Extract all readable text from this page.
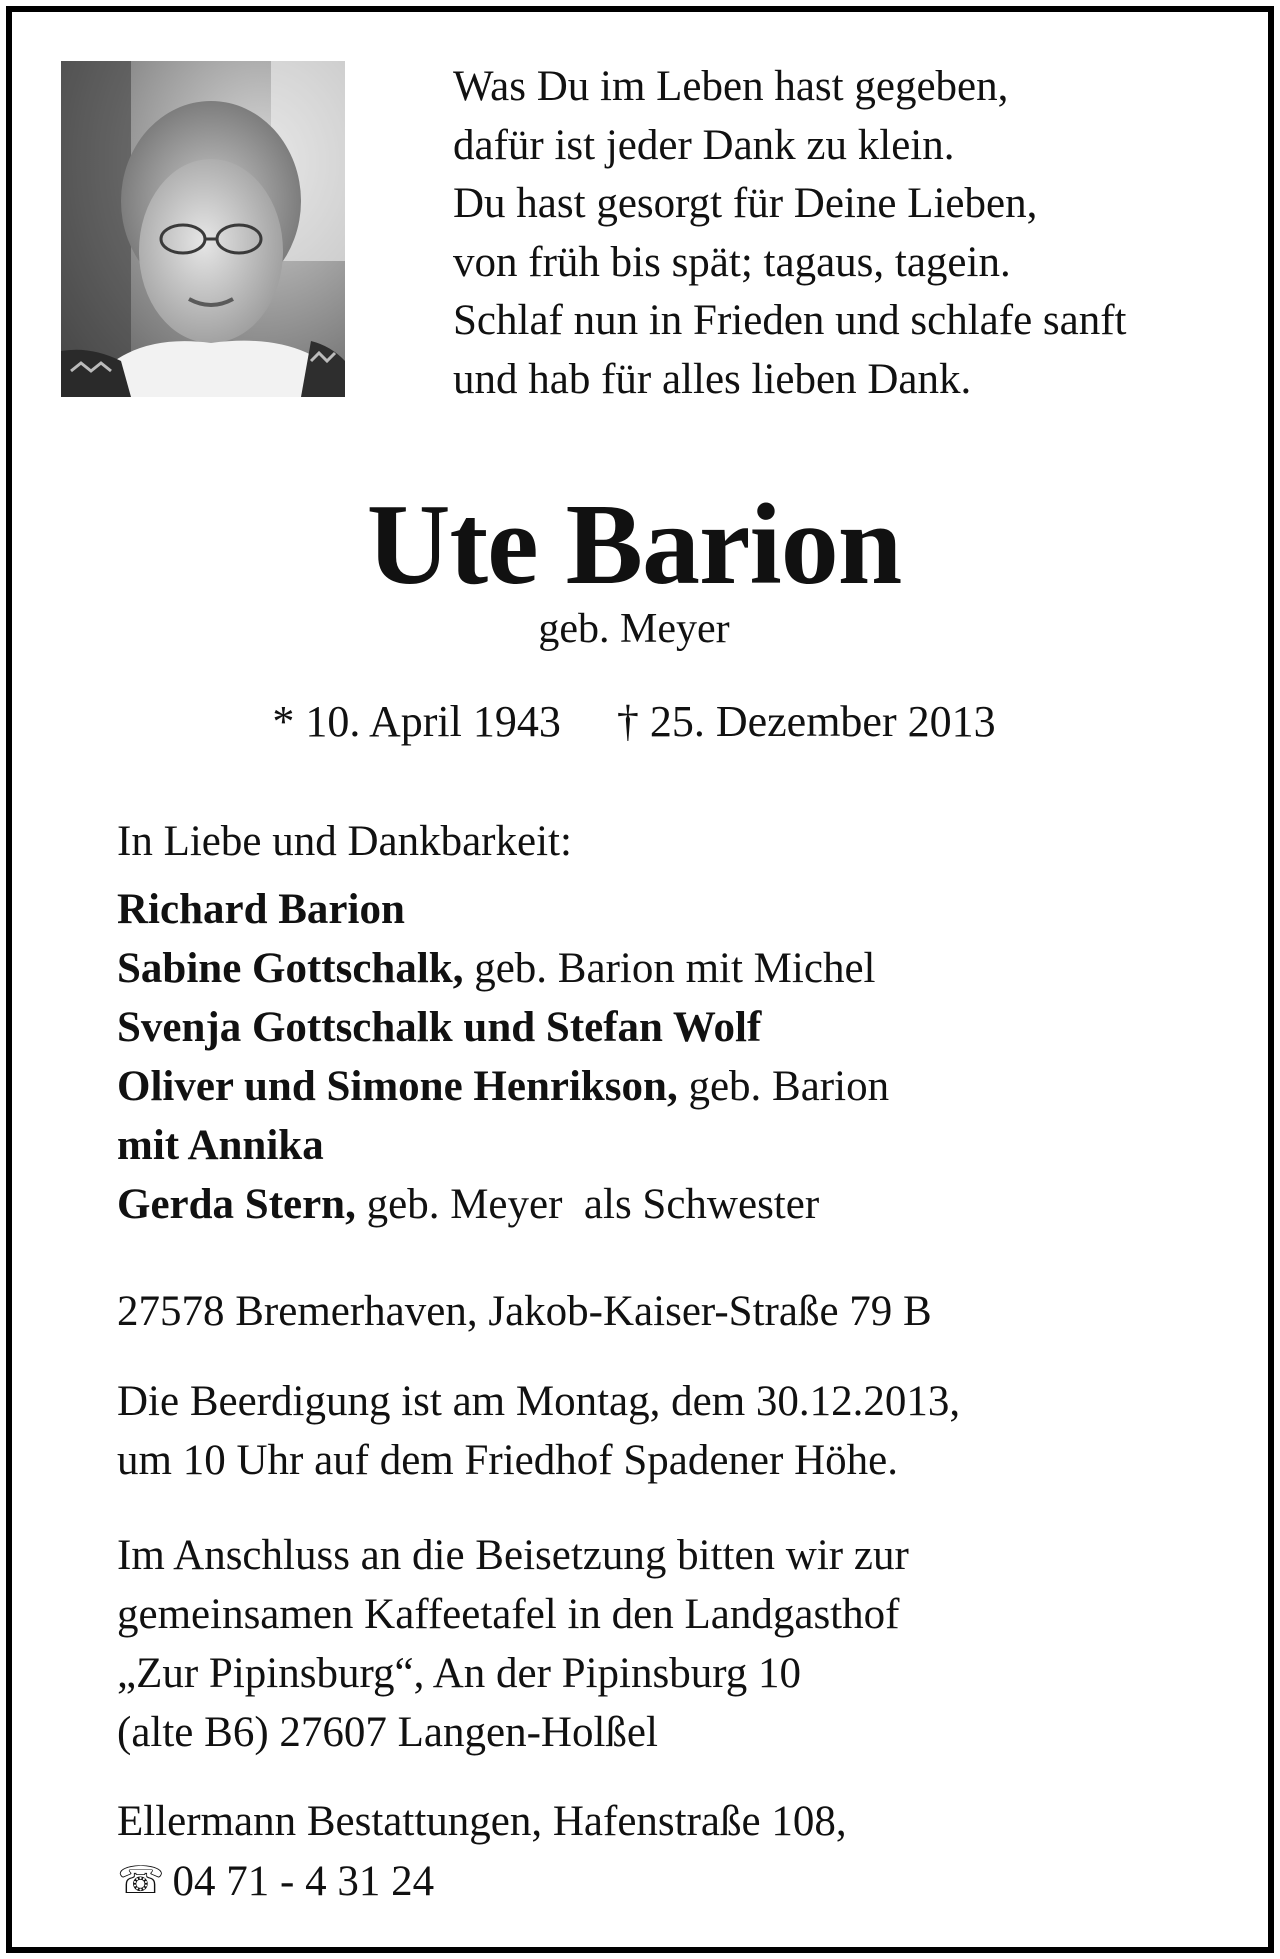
Was Du im Leben hast gegeben,
dafür ist jeder Dank zu klein.
Du hast gesorgt für Deine Lieben,
von früh bis spät; tagaus, tagein.
Schlaf nun in Frieden und schlafe sanft
und hab für alles lieben Dank.
Ute Barion
geb. Meyer
* 10. April 1943 † 25. Dezember 2013
In Liebe und Dankbarkeit:
Richard Barion
Sabine Gottschalk, geb. Barion mit Michel
Svenja Gottschalk und Stefan Wolf
Oliver und Simone Henrikson, geb. Barion
mit Annika
Gerda Stern, geb. Meyer  als Schwester
27578 Bremerhaven, Jakob-Kaiser-Straße 79 B
Die Beerdigung ist am Montag, dem 30.12.2013,
um 10 Uhr auf dem Friedhof Spadener Höhe.
Im Anschluss an die Beisetzung bitten wir zur
gemeinsamen Kaffeetafel in den Landgasthof
„Zur Pipinsburg“, An der Pipinsburg 10
(alte B6) 27607 Langen-Holßel
Ellermann Bestattungen, Hafenstraße 108,
☏ 04 71 - 4 31 24
